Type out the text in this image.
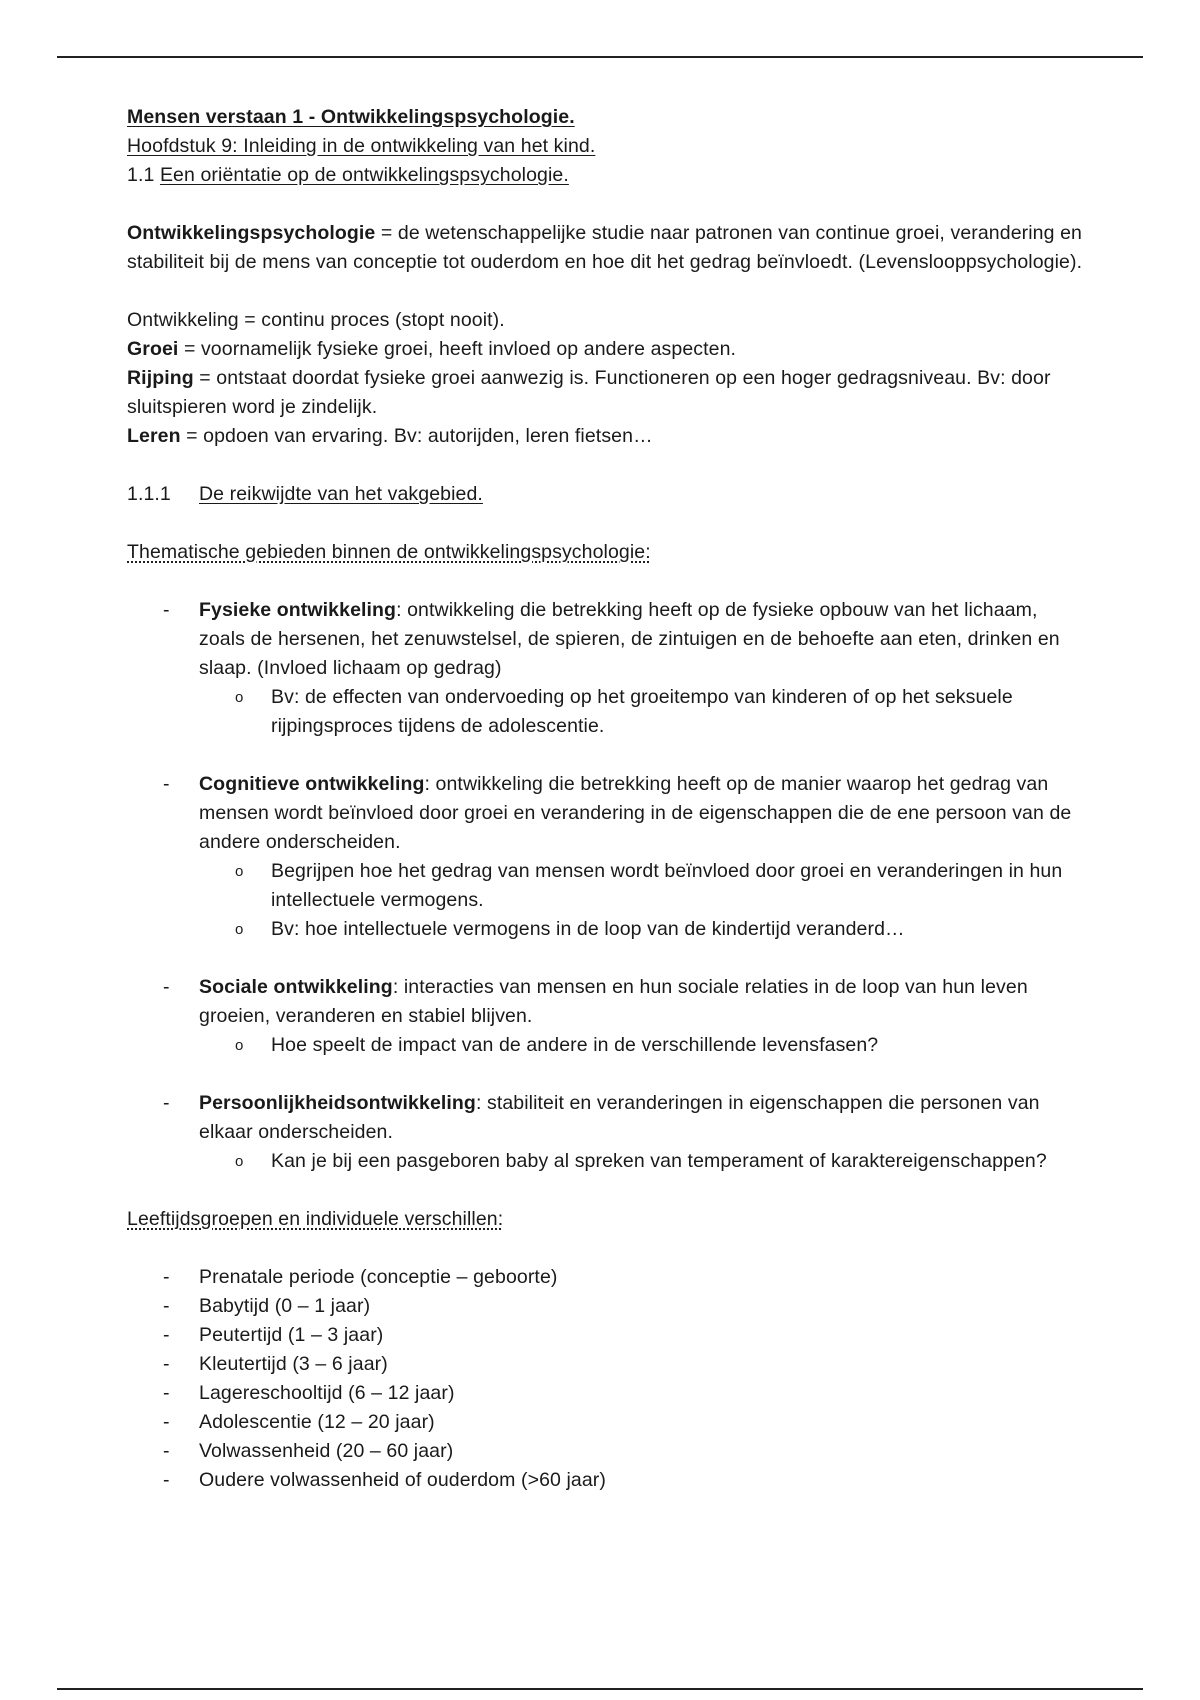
Mensen verstaan 1 - Ontwikkelingspsychologie.

Hoofdstuk 9: Inleiding in de ontwikkeling van het kind.

1.1 Een oriëntatie op de ontwikkelingspsychologie.

Ontwikkelingspsychologie = de wetenschappelijke studie naar patronen van continue groei, verandering en stabiliteit bij de mens van conceptie tot ouderdom en hoe dit het gedrag beïnvloedt. (Levenslooppsychologie).

Ontwikkeling = continu proces (stopt nooit).

Groei = voornamelijk fysieke groei, heeft invloed op andere aspecten.

Rijping = ontstaat doordat fysieke groei aanwezig is. Functioneren op een hoger gedragsniveau. Bv: door sluitspieren word je zindelijk.

Leren = opdoen van ervaring. Bv: autorijden, leren fietsen…

1.1.1	De reikwijdte van het vakgebied.

Thematische gebieden binnen de ontwikkelingspsychologie:

- Fysieke ontwikkeling: ontwikkeling die betrekking heeft op de fysieke opbouw van het lichaam, zoals de hersenen, het zenuwstelsel, de spieren, de zintuigen en de behoefte aan eten, drinken en slaap. (Invloed lichaam op gedrag)
o Bv: de effecten van ondervoeding op het groeitempo van kinderen of op het seksuele rijpingsproces tijdens de adolescentie.
- Cognitieve ontwikkeling: ontwikkeling die betrekking heeft op de manier waarop het gedrag van mensen wordt beïnvloed door groei en verandering in de eigenschappen die de ene persoon van de andere onderscheiden.
o Begrijpen hoe het gedrag van mensen wordt beïnvloed door groei en veranderingen in hun intellectuele vermogens.
o Bv: hoe intellectuele vermogens in de loop van de kindertijd veranderd…
- Sociale ontwikkeling: interacties van mensen en hun sociale relaties in de loop van hun leven groeien, veranderen en stabiel blijven.
o Hoe speelt de impact van de andere in de verschillende levensfasen?
- Persoonlijkheidsontwikkeling: stabiliteit en veranderingen in eigenschappen die personen van elkaar onderscheiden.
o Kan je bij een pasgeboren baby al spreken van temperament of karaktereigenschappen?

Leeftijdsgroepen en individuele verschillen:

- Prenatale periode (conceptie – geboorte)
- Babytijd (0 – 1 jaar)
- Peutertijd (1 – 3 jaar)
- Kleutertijd (3 – 6 jaar)
- Lagereschooltijd (6 – 12 jaar)
- Adolescentie (12 – 20 jaar)
- Volwassenheid (20 – 60 jaar)
- Oudere volwassenheid of ouderdom (>60 jaar)
